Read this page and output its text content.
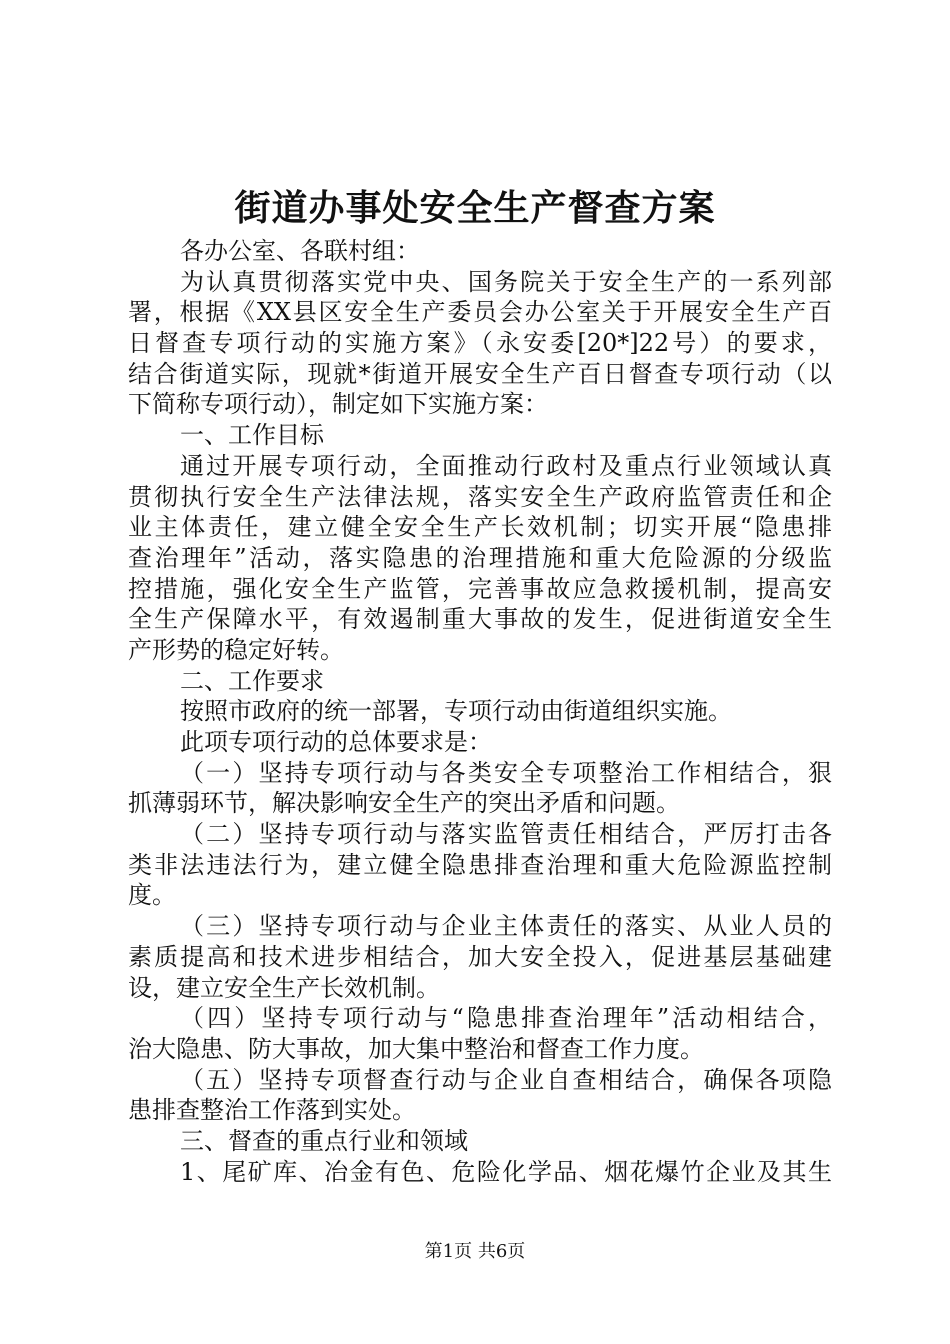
街道办事处安全生产督查方案
各办公室、各联村组：
为认真贯彻落实党中央、国务院关于安全生产的一系列部
署，根据《XX县区安全生产委员会办公室关于开展安全生产百
日督查专项行动的实施方案》（永安委[20*]22号）的要求，
结合街道实际，现就*街道开展安全生产百日督查专项行动（以
下简称专项行动），制定如下实施方案：
一、工作目标
通过开展专项行动，全面推动行政村及重点行业领域认真
贯彻执行安全生产法律法规，落实安全生产政府监管责任和企
业主体责任，建立健全安全生产长效机制；切实开展“隐患排
查治理年”活动，落实隐患的治理措施和重大危险源的分级监
控措施，强化安全生产监管，完善事故应急救援机制，提高安
全生产保障水平，有效遏制重大事故的发生，促进街道安全生
产形势的稳定好转。
二、工作要求
按照市政府的统一部署，专项行动由街道组织实施。
此项专项行动的总体要求是：
（一）坚持专项行动与各类安全专项整治工作相结合，狠
抓薄弱环节，解决影响安全生产的突出矛盾和问题。
（二）坚持专项行动与落实监管责任相结合，严厉打击各
类非法违法行为，建立健全隐患排查治理和重大危险源监控制
度。
（三）坚持专项行动与企业主体责任的落实、从业人员的
素质提高和技术进步相结合，加大安全投入，促进基层基础建
设，建立安全生产长效机制。
（四）坚持专项行动与“隐患排查治理年”活动相结合，
治大隐患、防大事故，加大集中整治和督查工作力度。
（五）坚持专项督查行动与企业自查相结合，确保各项隐
患排查整治工作落到实处。
三、督查的重点行业和领域
1、尾矿库、冶金有色、危险化学品、烟花爆竹企业及其生
第1页 共6页
